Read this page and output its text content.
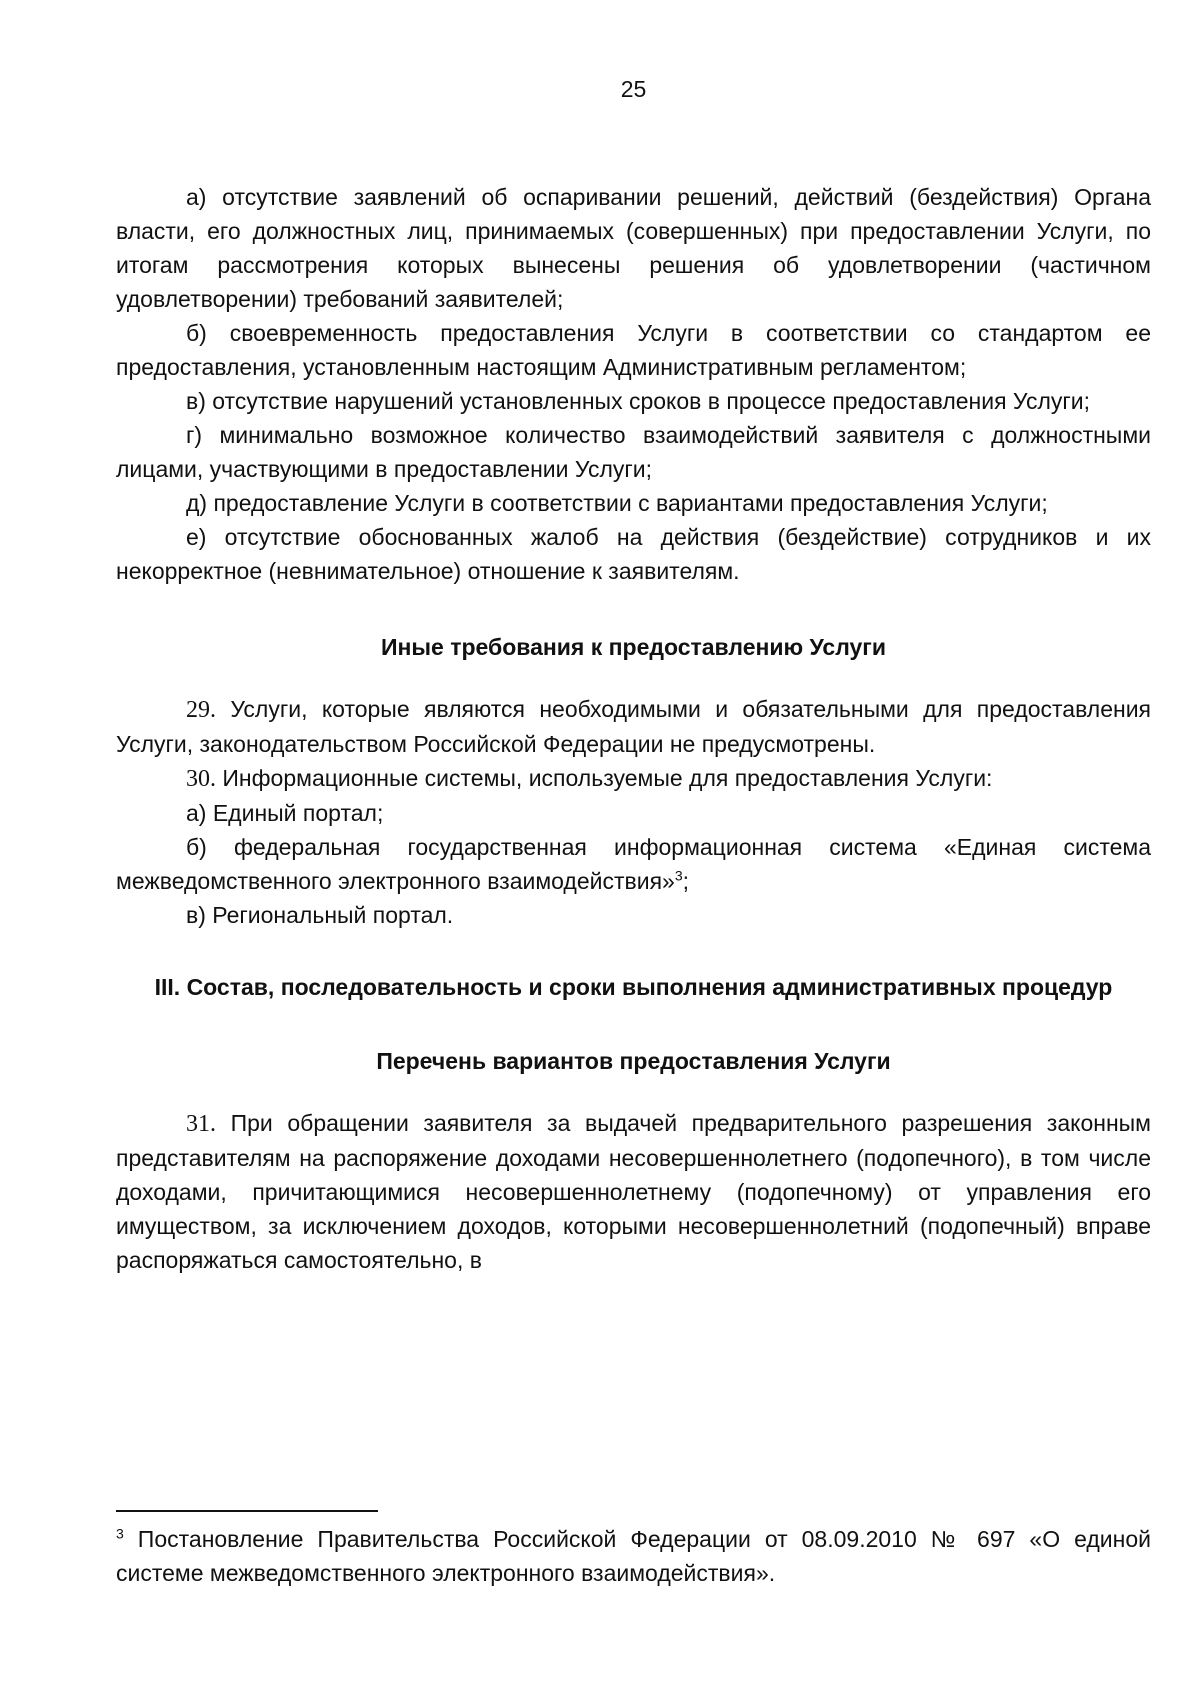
25

а) отсутствие заявлений об оспаривании решений, действий (бездействия) Органа власти, его должностных лиц, принимаемых (совершенных) при предоставлении Услуги, по итогам рассмотрения которых вынесены решения об удовлетворении (частичном удовлетворении) требований заявителей;

б) своевременность предоставления Услуги в соответствии со стандартом ее предоставления, установленным настоящим Административным регламентом;

в) отсутствие нарушений установленных сроков в процессе предоставления Услуги;

г) минимально возможное количество взаимодействий заявителя с должностными лицами, участвующими в предоставлении Услуги;

д) предоставление Услуги в соответствии с вариантами предоставления Услуги;

е) отсутствие обоснованных жалоб на действия (бездействие) сотрудников и их некорректное (невнимательное) отношение к заявителям.

Иные требования к предоставлению Услуги

29. Услуги, которые являются необходимыми и обязательными для предоставления Услуги, законодательством Российской Федерации не предусмотрены.

30. Информационные системы, используемые для предоставления Услуги:

а) Единый портал;

б) федеральная государственная информационная система «Единая система межведомственного электронного взаимодействия»$^3$;

в) Региональный портал.

III. Состав, последовательность и сроки выполнения административных процедур
Перечень вариантов предоставления Услуги

31. При обращении заявителя за выдачей предварительного разрешения законным представителям на распоряжение доходами несовершеннолетнего (подопечного), в том числе доходами, причитающимися несовершеннолетнему (подопечному) от управления его имуществом, за исключением доходов, которыми несовершеннолетний (подопечный) вправе распоряжаться самостоятельно, в

$^3$ Постановление Правительства Российской Федерации от 08.09.2010 № 697 «О единой системе межведомственного электронного взаимодействия».
